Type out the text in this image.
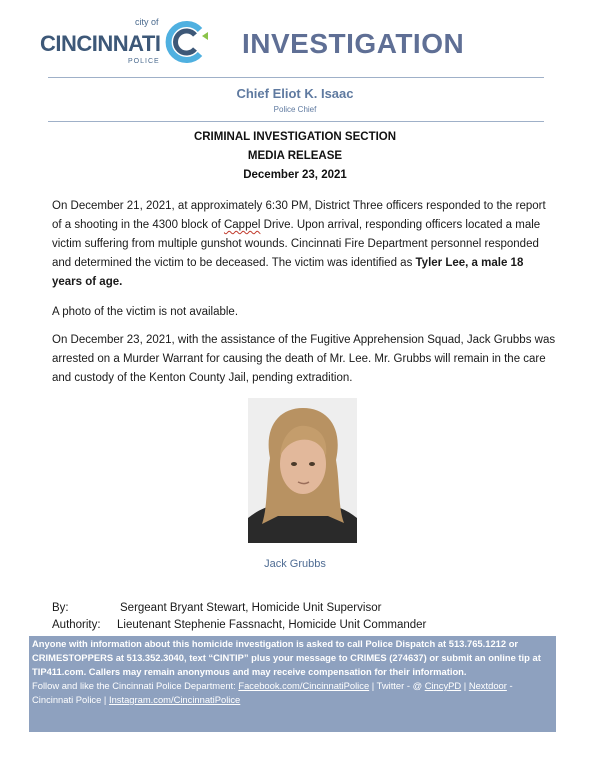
city of
CINCINNATI
POLICE
INVESTIGATION
Chief Eliot K. Isaac
Police Chief
CRIMINAL INVESTIGATION SECTION
MEDIA RELEASE
December 23, 2021
On December 21, 2021, at approximately 6:30 PM, District Three officers responded to the report of a shooting in the 4300 block of Cappel Drive. Upon arrival, responding officers located a male victim suffering from multiple gunshot wounds. Cincinnati Fire Department personnel responded and determined the victim to be deceased. The victim was identified as Tyler Lee, a male 18 years of age.
A photo of the victim is not available.
On December 23, 2021, with the assistance of the Fugitive Apprehension Squad, Jack Grubbs was arrested on a Murder Warrant for causing the death of Mr. Lee. Mr. Grubbs will remain in the care and custody of the Kenton County Jail, pending extradition.
Jack Grubbs
By:	Sergeant Bryant Stewart, Homicide Unit Supervisor
Authority: Lieutenant Stephenie Fassnacht, Homicide Unit Commander
Anyone with information about this homicide investigation is asked to call Police Dispatch at 513.765.1212 or CRIMESTOPPERS at 513.352.3040, text “CINTIP” plus your message to CRIMES (274637) or submit an online tip at TIP411.com. Callers may remain anonymous and may receive compensation for their information.
Follow and like the Cincinnati Police Department: Facebook.com/CincinnatiPolice | Twitter - @ CincyPD | Nextdoor - Cincinnati Police | Instagram.com/CincinnatiPolice
